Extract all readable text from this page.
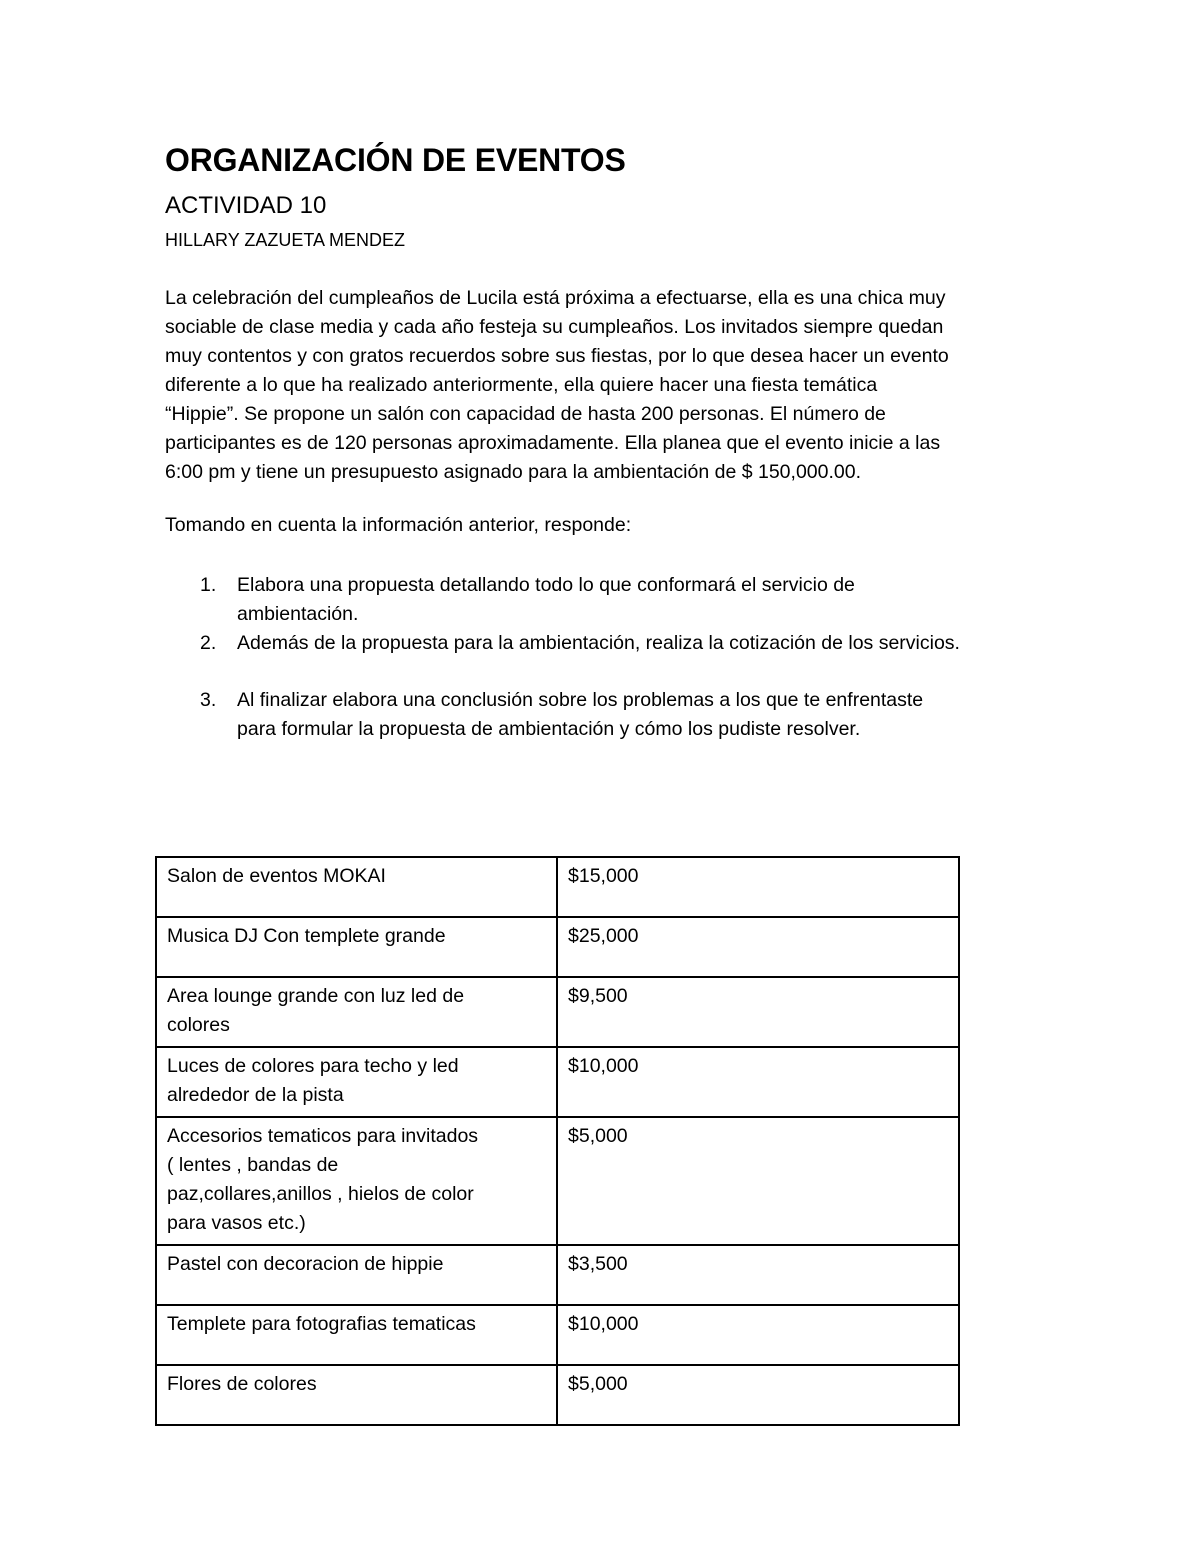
ORGANIZACIÓN DE EVENTOS
ACTIVIDAD 10
HILLARY ZAZUETA MENDEZ
La celebración del cumpleaños de Lucila está próxima a efectuarse, ella es una chica muy
sociable de clase media y cada año festeja su cumpleaños. Los invitados siempre quedan
muy contentos y con gratos recuerdos sobre sus fiestas, por lo que desea hacer un evento
diferente a lo que ha realizado anteriormente, ella quiere hacer una fiesta temática
“Hippie”. Se propone un salón con capacidad de hasta 200 personas. El número de
participantes es de 120 personas aproximadamente. Ella planea que el evento inicie a las
6:00 pm y tiene un presupuesto asignado para la ambientación de $ 150,000.00.
Tomando en cuenta la información anterior, responde:
1. Elabora una propuesta detallando todo lo que conformará el servicio de
ambientación.
2. Además de la propuesta para la ambientación, realiza la cotización de los servicios.
3. Al finalizar elabora una conclusión sobre los problemas a los que te enfrentaste
para formular la propuesta de ambientación y cómo los pudiste resolver.
Salon de eventos MOKAI	$15,000

Musica DJ Con templete grande	$25,000

Area lounge grande con luz led de
colores	$9,500

Luces de colores para techo y led
alrededor de la pista	$10,000

Accesorios tematicos para invitados
( lentes , bandas de
paz,collares,anillos , hielos de color
para vasos etc.)	$5,000

Pastel con decoracion de hippie	$3,500

Templete para fotografias tematicas	$10,000

Flores de colores	$5,000
